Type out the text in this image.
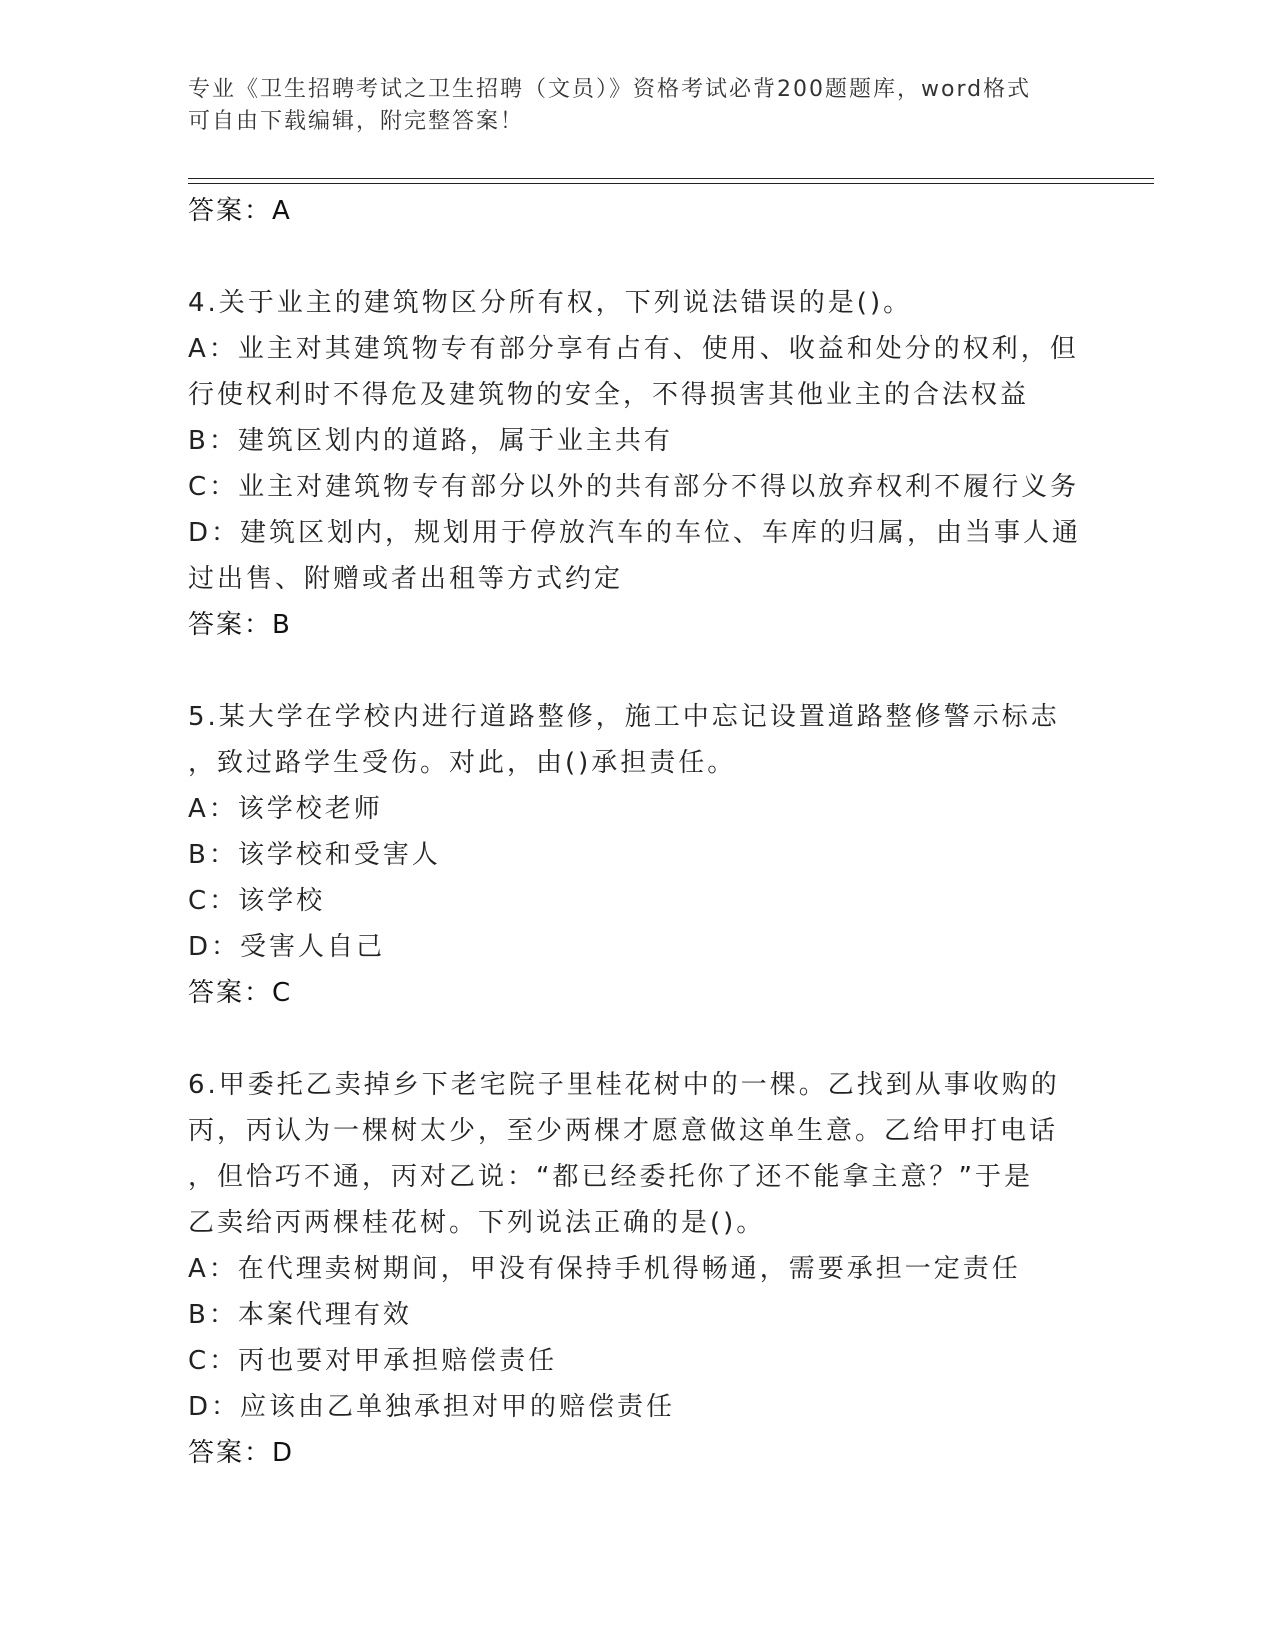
专业《卫生招聘考试之卫生招聘（文员）》资格考试必背200题题库，word格式
可自由下载编辑，附完整答案！
答案：A
4.关于业主的建筑物区分所有权，下列说法错误的是()。
A：业主对其建筑物专有部分享有占有、使用、收益和处分的权利，但
行使权利时不得危及建筑物的安全，不得损害其他业主的合法权益
B：建筑区划内的道路，属于业主共有
C：业主对建筑物专有部分以外的共有部分不得以放弃权利不履行义务
D：建筑区划内，规划用于停放汽车的车位、车库的归属，由当事人通
过出售、附赠或者出租等方式约定
答案：B
5.某大学在学校内进行道路整修，施工中忘记设置道路整修警示标志
，致过路学生受伤。对此，由()承担责任。
A：该学校老师
B：该学校和受害人
C：该学校
D：受害人自己
答案：C
6.甲委托乙卖掉乡下老宅院子里桂花树中的一棵。乙找到从事收购的
丙，丙认为一棵树太少，至少两棵才愿意做这单生意。乙给甲打电话
，但恰巧不通，丙对乙说：“都已经委托你了还不能拿主意？”于是
乙卖给丙两棵桂花树。下列说法正确的是()。
A：在代理卖树期间，甲没有保持手机得畅通，需要承担一定责任
B：本案代理有效
C：丙也要对甲承担赔偿责任
D：应该由乙单独承担对甲的赔偿责任
答案：D
